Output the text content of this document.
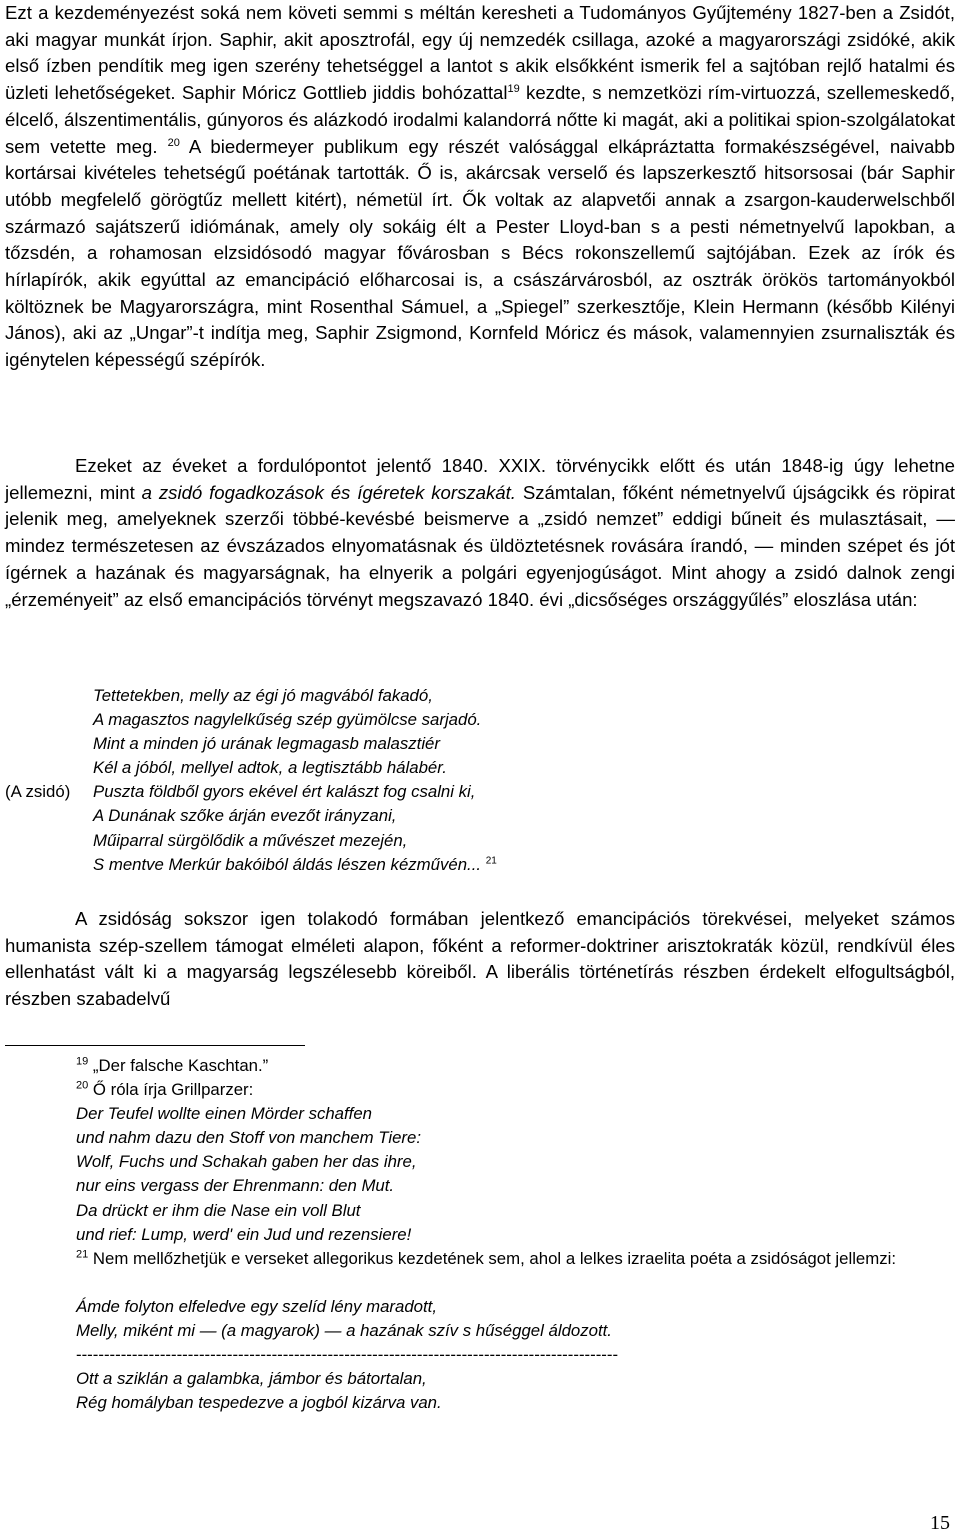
Ezt a kezdeményezést soká nem követi semmi s méltán keresheti a Tudományos Gyűjtemény 1827-ben a Zsidót, aki magyar munkát írjon. Saphir, akit aposztrofál, egy új nemzedék csillaga, azoké a magyarországi zsidóké, akik első ízben pendítik meg igen szerény tehetséggel a lantot s akik elsőkként ismerik fel a sajtóban rejlő hatalmi és üzleti lehetőségeket. Saphir Móricz Gottlieb jiddis bohózattal$^{19}$ kezdte, s nemzetközi rím-virtuozzá, szellemeskedő, élcelő, álszentimentális, gúnyoros és alázkodó irodalmi kalandorrá nőtte ki magát, aki a politikai spion-szolgálatokat sem vetette meg. $^{20}$ A biedermeyer publikum egy részét valósággal elkápráztatta formakészségével, naivabb kortársai kivételes tehetségű poétának tartották. Ő is, akárcsak verselő és lapszerkesztő hitsorsosai (bár Saphir utóbb megfelelő görögtűz mellett kitért), németül írt. Ők voltak az alapvetői annak a zsargon-kauderwelschből származó sajátszerű idiómának, amely oly sokáig élt a Pester Lloyd-ban s a pesti németnyelvű lapokban, a tőzsdén, a rohamosan elzsidósodó magyar fővárosban s Bécs rokonszellemű sajtójában. Ezek az írók és hírlapírók, akik egyúttal az emancipáció előharcosai is, a császárvárosból, az osztrák örökös tartományokból költöznek be Magyarországra, mint Rosenthal Sámuel, a „Spiegel” szerkesztője, Klein Hermann (később Kilényi János), aki az „Ungar”-t indítja meg, Saphir Zsigmond, Kornfeld Móricz és mások, valamennyien zsurnaliszták és igénytelen képességű szépírók.

Ezeket az éveket a fordulópontot jelentő 1840. XXIX. törvénycikk előtt és után 1848-ig úgy lehetne jellemezni, mint a zsidó fogadkozások és ígéretek korszakát. Számtalan, főként németnyelvű újságcikk és röpirat jelenik meg, amelyeknek szerzői többé-kevésbé beismerve a „zsidó nemzet” eddigi bűneit és mulasztásait, — mindez természetesen az évszázados elnyomatásnak és üldöztetésnek rovására írandó, — minden szépet és jót ígérnek a hazának és magyarságnak, ha elnyerik a polgári egyenjogúságot. Mint ahogy a zsidó dalnok zengi „érzeményeit” az első emancipációs törvényt megszavazó 1840. évi „dicsőséges országgyűlés” eloszlása után:

Tettetekben, melly az égi jó magvából fakadó,
A magasztos nagylelkűség szép gyümölcse sarjadó.
Mint a minden jó urának legmagasb malasztiér
Kél a jóból, mellyel adtok, a legtisztább hálabér.
(A zsidó) Puszta földből gyors ekével ért kalászt fog csalni ki,
A Dunának szőke árján evezőt irányzani,
Műiparral sürgölődik a művészet mezején,
S mentve Merkúr bakóiból áldás lészen kézművén... $^{21}$

A zsidóság sokszor igen tolakodó formában jelentkező emancipációs törekvései, melyeket számos humanista szép-szellem támogat elméleti alapon, főként a reformer-doktriner arisztokraták közül, rendkívül éles ellenhatást vált ki a magyarság legszélesebb köreiből. A liberális történetírás részben érdekelt elfogultságból, részben szabadelvű

$^{19}$ „Der falsche Kaschtan.”
$^{20}$ Ő róla írja Grillparzer:
Der Teufel wollte einen Mörder schaffen
und nahm dazu den Stoff von manchem Tiere:
Wolf, Fuchs und Schakah gaben her das ihre,
nur eins vergass der Ehrenmann: den Mut.
Da drückt er ihm die Nase ein voll Blut
und rief: Lump, werd' ein Jud und rezensiere!
$^{21}$ Nem mellőzhetjük e verseket allegorikus kezdetének sem, ahol a lelkes izraelita poéta a zsidóságot jellemzi:
Ámde folyton elfeledve egy szelíd lény maradott,
Melly, miként mi — (a magyarok) — a hazának szív s hűséggel áldozott.
-------------------------------------------------------------------------------------------------
Ott a sziklán a galambka, jámbor és bátortalan,
Rég homályban tespedezve a jogból kizárva van.
15
